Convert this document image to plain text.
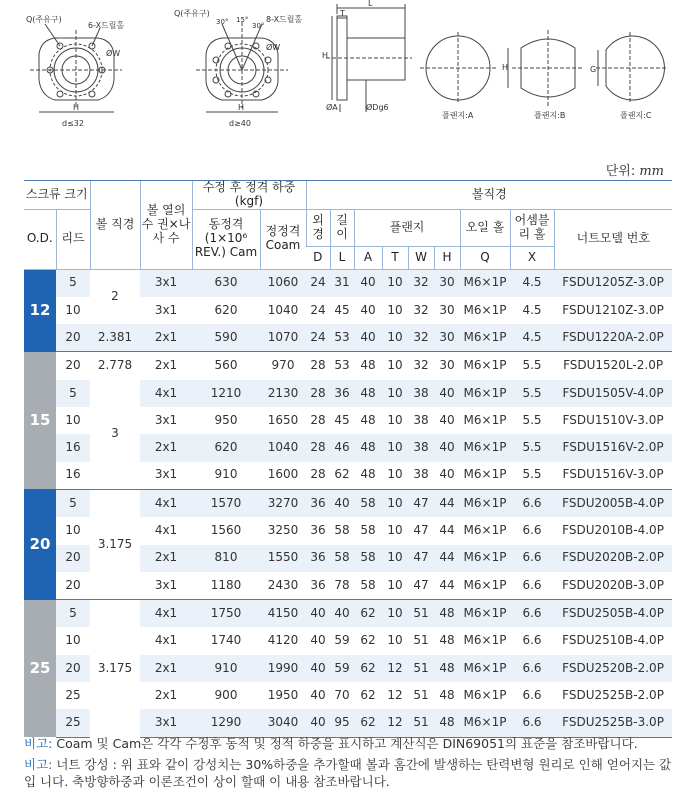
Q(주유구)
6-X드릴홀
ØW
H
d≤32
Q(주유구)
30° 15°
30°
8-X드릴홀
ØW
H
d≥40
L
T
H
ØA	ØDg6
플랜지:A
H
플랜지:B
G
플랜지:C
단위: mm
스크류 크기		볼 직경	볼 열의 수 권×나사 수	수정 후 정격 하중(kgf)		볼직경								
O.D.	리드			동정격 (1×10⁶ REV.) Cam	정정격 Coam	외 경	길 이	플랜지				오일 홀	어셈블 리 홀	너트모델 번호
						D	L	A	T	W	H	Q	X	
12	5	2	3x1	630	1060	24	31	40	10	32	30	M6×1P	4.5	FSDU1205Z-3.0P
	10		3x1	620	1040	24	45	40	10	32	30	M6×1P	4.5	FSDU1210Z-3.0P
	20	2.381	2x1	590	1070	24	53	40	10	32	30	M6×1P	4.5	FSDU1220A-2.0P
15	20	2.778	2x1	560	970	28	53	48	10	32	30	M6×1P	5.5	FSDU1520L-2.0P
	5	3	4x1	1210	2130	28	36	48	10	38	40	M6×1P	5.5	FSDU1505V-4.0P
	10		3x1	950	1650	28	45	48	10	38	40	M6×1P	5.5	FSDU1510V-3.0P
	16		2x1	620	1040	28	46	48	10	38	40	M6×1P	5.5	FSDU1516V-2.0P
	16		3x1	910	1600	28	62	48	10	38	40	M6×1P	5.5	FSDU1516V-3.0P
20	5	3.175	4x1	1570	3270	36	40	58	10	47	44	M6×1P	6.6	FSDU2005B-4.0P
	10		4x1	1560	3250	36	58	58	10	47	44	M6×1P	6.6	FSDU2010B-4.0P
	20		2x1	810	1550	36	58	58	10	47	44	M6×1P	6.6	FSDU2020B-2.0P
	20		3x1	1180	2430	36	78	58	10	47	44	M6×1P	6.6	FSDU2020B-3.0P
25	5	3.175	4x1	1750	4150	40	40	62	10	51	48	M6×1P	6.6	FSDU2505B-4.0P
	10		4x1	1740	4120	40	59	62	10	51	48	M6×1P	6.6	FSDU2510B-4.0P
	20		2x1	910	1990	40	59	62	12	51	48	M6×1P	6.6	FSDU2520B-2.0P
	25		2x1	900	1950	40	70	62	12	51	48	M6×1P	6.6	FSDU2525B-2.0P
	25		3x1	1290	3040	40	95	62	12	51	48	M6×1P	6.6	FSDU2525B-3.0P

비고: Coam 및 Cam은 각각 수정후 동적 및 정적 하중을 표시하고 계산식은 DIN69051의 표준을 참조바랍니다.

비고: 너트 강성 : 위 표와 같이 강성치는 30%하중을 추가할때 볼과 홈간에 발생하는 탄력변형 원리로 인해 얻어지는 값입 니다. 축방향하중과 이론조건이 상이 할때 이 내용 참조바랍니다.
